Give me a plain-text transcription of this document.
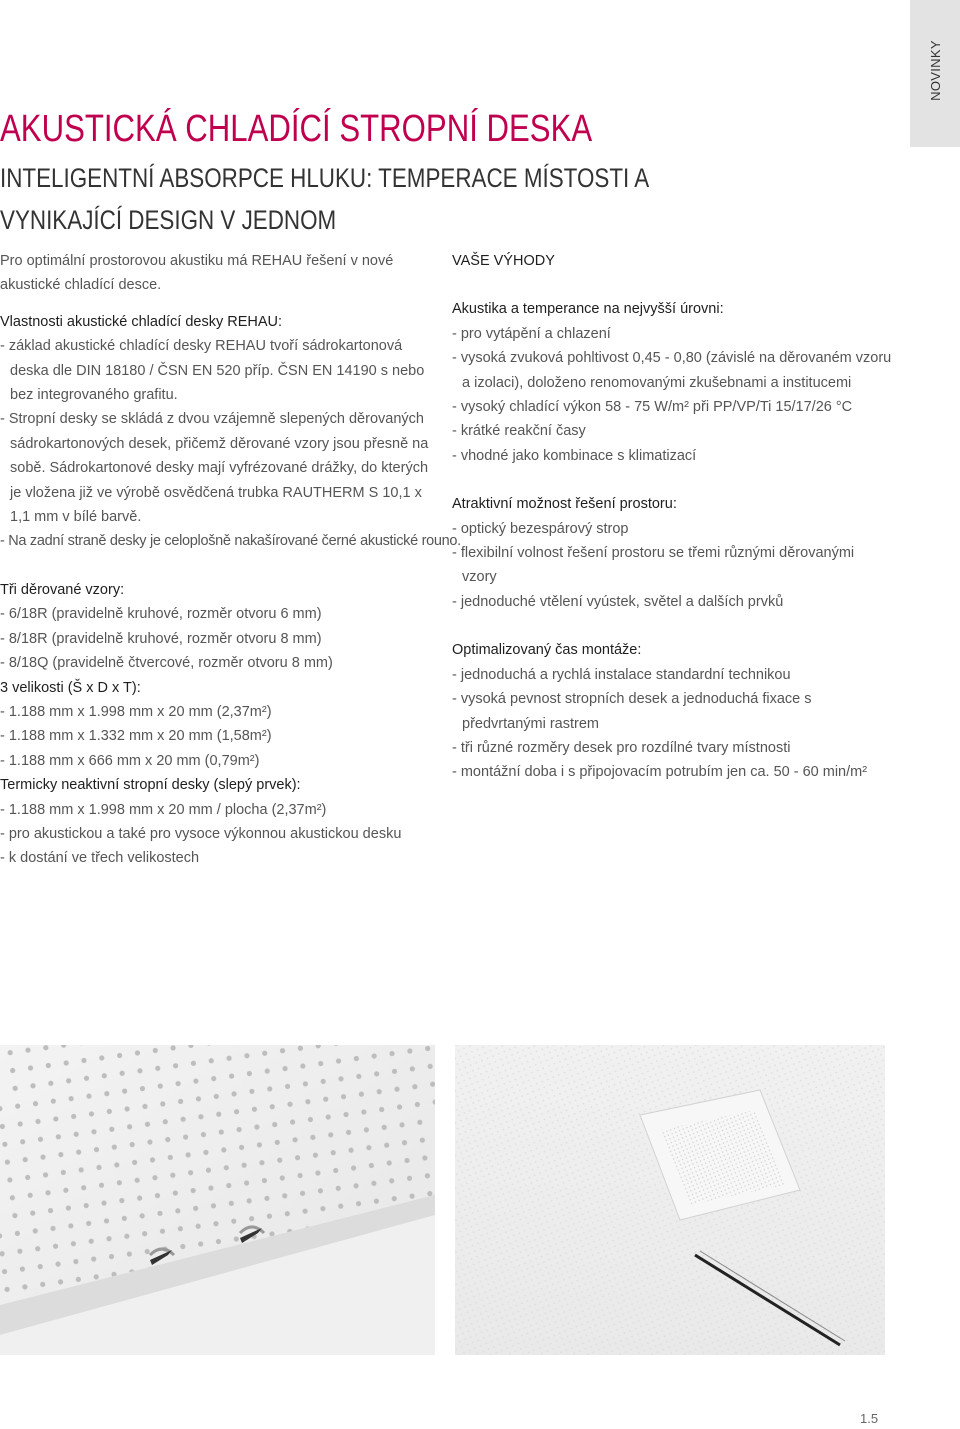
NOVINKY
AKUSTICKÁ CHLADÍCÍ STROPNÍ DESKA
INTELIGENTNÍ ABSORPCE HLUKU: TEMPERACE MÍSTOSTI A VYNIKAJÍCÍ DESIGN V JEDNOM

Pro optimální prostorovou akustiku má REHAU řešení v nové akustické chladící desce.

Vlastnosti akustické chladící desky REHAU:

- základ akustické chladící desky REHAU tvoří sádrokartonová deska dle DIN 18180 / ČSN EN 520 příp. ČSN EN 14190 s nebo bez integrovaného grafitu.

- Stropní desky se skládá z dvou vzájemně slepených děrovaných sádrokartonových desek, přičemž děrované vzory jsou přesně na sobě. Sádrokartonové desky mají vyfrézované drážky, do kterých je vložena již ve výrobě osvědčená trubka RAUTHERM S 10,1 x 1,1 mm v bílé barvě.

- Na zadní straně desky je celoplošně nakašírované černé akustické rouno.

Tři děrované vzory:

- 6/18R (pravidelně kruhové, rozměr otvoru 6 mm)

- 8/18R (pravidelně kruhové, rozměr otvoru 8 mm)

- 8/18Q (pravidelně čtvercové, rozměr otvoru 8 mm)

3 velikosti (Š x D x T):

- 1.188 mm x 1.998 mm x 20 mm (2,37m²)

- 1.188 mm x 1.332 mm x 20 mm (1,58m²)

- 1.188 mm x 666 mm x 20 mm (0,79m²)

Termicky neaktivní stropní desky (slepý prvek):

- 1.188 mm x 1.998 mm x 20 mm / plocha (2,37m²)

- pro akustickou a také pro vysoce výkonnou akustickou desku

- k dostání ve třech velikostech

VAŠE VÝHODY

Akustika a temperance na nejvyšší úrovni:

- pro vytápění a chlazení

- vysoká zvuková pohltivost 0,45 - 0,80 (závislé na děrovaném vzoru a izolaci), doloženo renomovanými zkušebnami a institucemi

- vysoký chladící výkon 58 - 75 W/m² při PP/VP/Ti 15/17/26 °C

- krátké reakční časy

- vhodné jako kombinace s klimatizací

Atraktivní možnost řešení prostoru:

- optický bezespárový strop

- flexibilní volnost řešení prostoru se třemi různými děrovanými vzory

- jednoduché vtělení vyústek, světel a dalších prvků

Optimalizovaný čas montáže:

- jednoduchá a rychlá instalace standardní technikou

- vysoká pevnost stropních desek a jednoduchá fixace s předvrtanými rastrem

- tři různé rozměry desek pro rozdílné tvary místnosti

- montážní doba i s připojovacím potrubím jen ca. 50 - 60 min/m²

1.5
